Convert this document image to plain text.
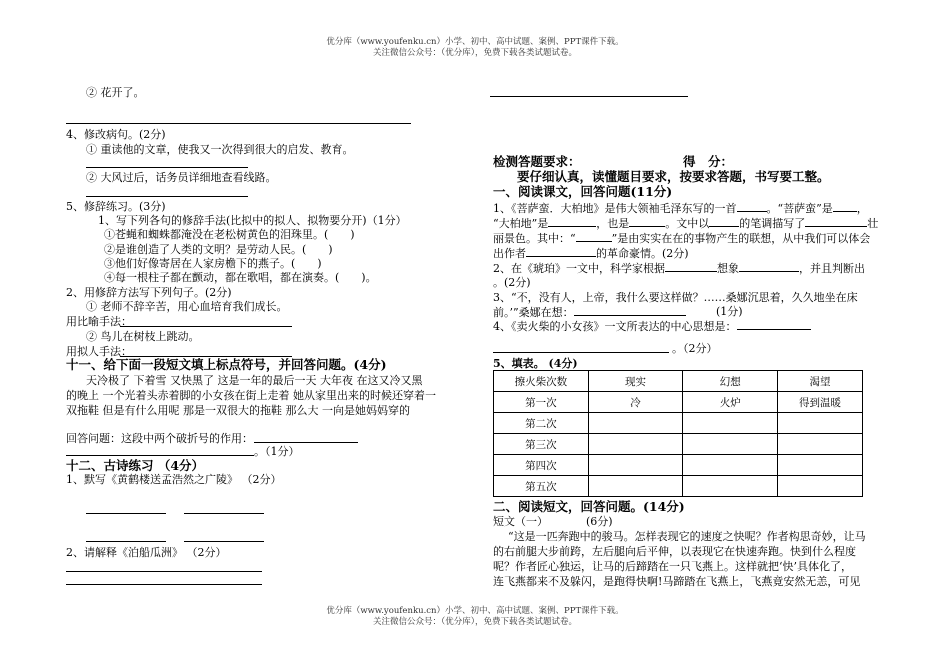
优分库（www.youfenku.cn）小学、初中、高中试题、案例、PPT课件下载。
关注微信公众号：（优分库），免费下载各类试题试卷。
② 花开了。
4、修改病句。(2分)
① 重读他的文章，使我又一次得到很大的启发、教育。
② 大风过后，话务员详细地查看线路。
5、修辞练习。(3分)
1、写下列各句的修辞手法(比拟中的拟人、拟物要分开)（1分）
①苍蝇和蜘蛛都淹没在老松树黄色的泪珠里。(　　)
②是谁创造了人类的文明？是劳动人民。(　　)
③他们好像寄居在人家房檐下的燕子。(　　)
④每一根柱子都在颤动，都在歌唱，都在演奏。(　　)。
2、用修辞方法写下列句子。(2分)
① 老师不辞辛苦，用心血培育我们成长。
用比喻手法：
② 鸟儿在树枝上跳动。
用拟人手法：
十一、给下面一段短文填上标点符号，并回答问题。(4分)
天冷极了 下着雪 又快黑了 这是一年的最后一天 大年夜 在这又冷又黑
的晚上 一个光着头赤着脚的小女孩在街上走着 她从家里出来的时候还穿着一
双拖鞋 但是有什么用呢 那是一双很大的拖鞋 那么大 一向是她妈妈穿的
回答问题：这段中两个破折号的作用：
。（1分）
十二、古诗练习 （4分）
1、默写《黄鹤楼送孟浩然之广陵》 （2分）
2、请解释《泊船瓜洲》 （2分）
检测答题要求：	得　分：
要仔细认真，读懂题目要求，按要求答题，书写要工整。
一、阅读课文，回答问题(11分)
1、《菩萨蛮．大柏地》是伟大领袖毛泽东写的一首	。“菩萨蛮”是 ，
“大柏地”是	，也是	。文中以	的笔调描写了	壮
丽景色。其中：“	”是由实实在在的事物产生的联想，从中我们可以体会
出作者	的革命豪情。(2分)
2、在《琥珀》一文中，科学家根据	想象	，并且判断出
。(2分)
3、“不，没有人，上帝，我什么要这样做？……桑娜沉思着，久久地坐在床
前。’”桑娜在想：	(1分)
4、《卖火柴的小女孩》一文所表达的中心思想是：
。（2分）
5、填表。 (4分)
擦火柴次数	现实	幻想	渴望
第一次	冷	火炉	得到温暖
第二次			
第三次			
第四次			
第五次			
二、阅读短文，回答问题。(14分)
短文（一）	(6分)
“这是一匹奔跑中的骏马。怎样表现它的速度之快呢？作者构思奇妙，让马
的右前腿大步前跨，左后腿向后平伸，以表现它在快速奔跑。快到什么程度
呢？作者匠心独运，让马的后蹄踏在一只飞燕上。这样就把‘快’具体化了，
连飞燕都来不及躲闪，是跑得快啊!马蹄踏在飞燕上，飞燕竟安然无恙，可见
优分库（www.youfenku.cn）小学、初中、高中试题、案例、PPT课件下载。
关注微信公众号：（优分库），免费下载各类试题试卷。
